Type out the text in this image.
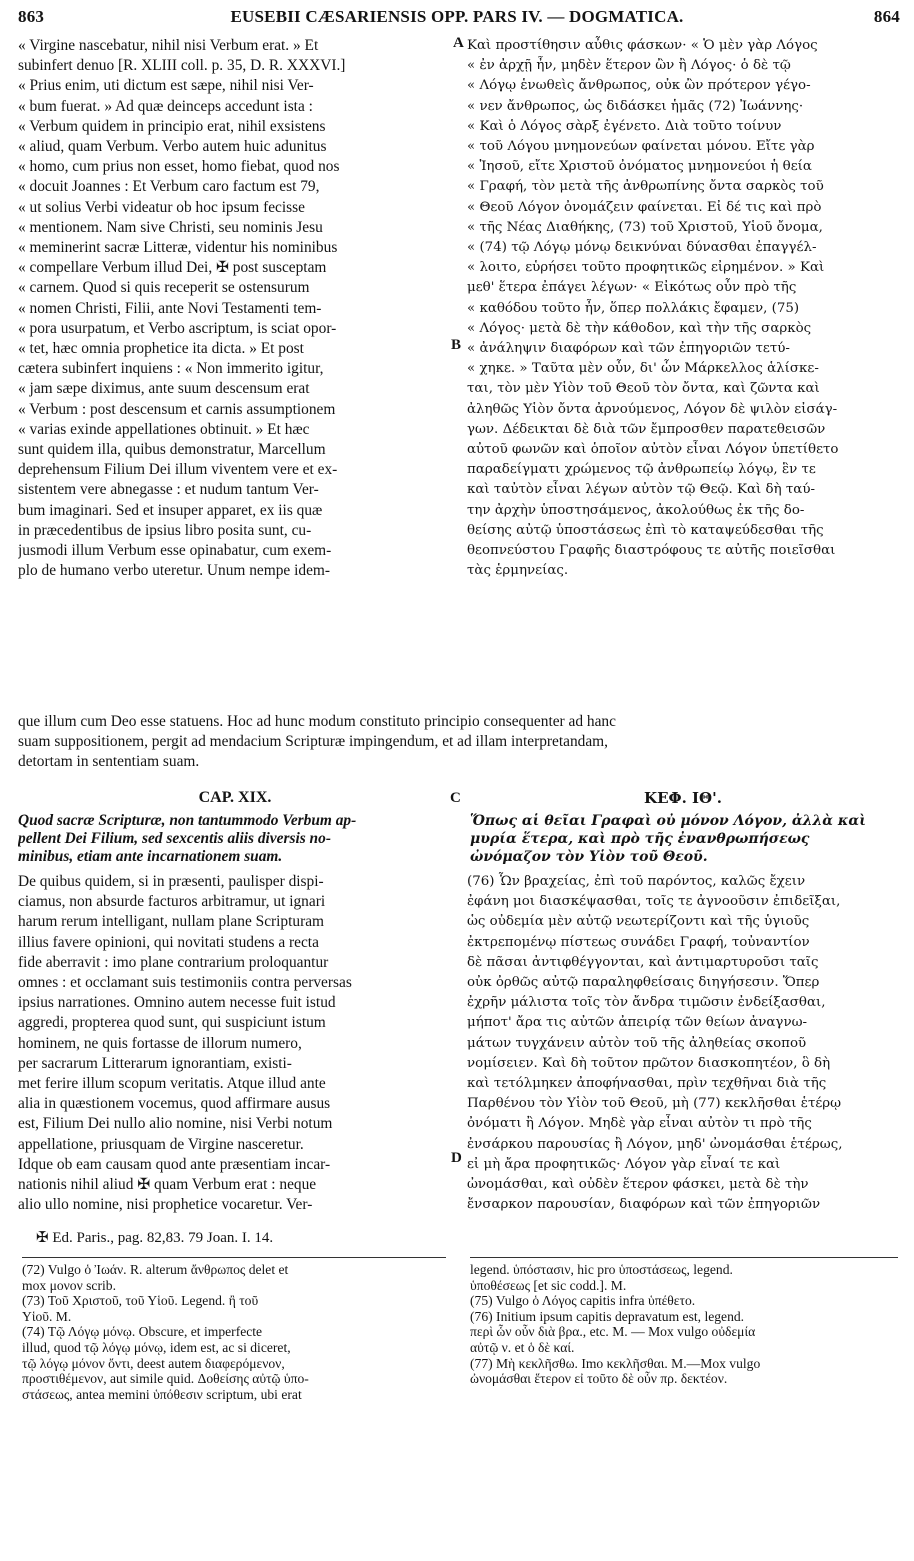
863	EUSEBII CÆSARIENSIS OPP. PARS IV. — DOGMATICA.	864
A
B
C
D
« Virgine nascebatur, nihil nisi Verbum erat. » Et
subinfert denuo [R. XLIII coll. p. 35, D. R. XXXVI.]
« Prius enim, uti dictum est sæpe, nihil nisi Ver-
« bum fuerat. » Ad quæ deinceps accedunt ista :
« Verbum quidem in principio erat, nihil exsistens
« aliud, quam Verbum. Verbo autem huic adunitus
« homo, cum prius non esset, homo fiebat, quod nos
« docuit Joannes : Et Verbum caro factum est 79,
« ut solius Verbi videatur ob hoc ipsum fecisse
« mentionem. Nam sive Christi, seu nominis Jesu
« meminerint sacræ Litteræ, videntur his nominibus
« compellare Verbum illud Dei, ✠ post susceptam
« carnem. Quod si quis receperit se ostensurum
« nomen Christi, Filii, ante Novi Testamenti tem-
« pora usurpatum, et Verbo ascriptum, is sciat opor-
« tet, hæc omnia prophetice ita dicta. » Et post
cætera subinfert inquiens : « Non immerito igitur,
« jam sæpe diximus, ante suum descensum erat
« Verbum : post descensum et carnis assumptionem
« varias exinde appellationes obtinuit. » Et hæc
sunt quidem illa, quibus demonstratur, Marcellum
deprehensum Filium Dei illum viventem vere et ex-
sistentem vere abnegasse : et nudum tantum Ver-
bum imaginari. Sed et insuper apparet, ex iis quæ
in præcedentibus de ipsius libro posita sunt, cu-
jusmodi illum Verbum esse opinabatur, cum exem-
plo de humano verbo uteretur. Unum nempe idem-
Καὶ προστίθησιν αὖθις φάσκων· « Ὁ μὲν γὰρ Λόγος
« ἐν ἀρχῇ ἦν, μηδὲν ἕτερον ὢν ἢ Λόγος· ὁ δὲ τῷ
« Λόγῳ ἑνωθεὶς ἄνθρωπος, οὐκ ὢν πρότερον γέγο-
« νεν ἄνθρωπος, ὡς διδάσκει ἡμᾶς (72) Ἰωάννης·
« Καὶ ὁ Λόγος σὰρξ ἐγένετο. Διὰ τοῦτο τοίνυν
« τοῦ Λόγου μνημονεύων φαίνεται μόνου. Εἴτε γὰρ
« Ἰησοῦ, εἴτε Χριστοῦ ὀνόματος μνημονεύοι ἡ θεία
« Γραφή, τὸν μετὰ τῆς ἀνθρωπίνης ὄντα σαρκὸς τοῦ
« Θεοῦ Λόγον ὀνομάζειν φαίνεται. Εἰ δέ τις καὶ πρὸ
« τῆς Νέας Διαθήκης, (73) τοῦ Χριστοῦ, Υἱοῦ ὄνομα,
« (74) τῷ Λόγῳ μόνῳ δεικνύναι δύνασθαι ἐπαγγέλ-
« λοιτο, εὑρήσει τοῦτο προφητικῶς εἰρημένον. » Καὶ
μεθ' ἕτερα ἐπάγει λέγων· « Εἰκότως οὖν πρὸ τῆς
« καθόδου τοῦτο ἦν, ὅπερ πολλάκις ἔφαμεν, (75)
« Λόγος· μετὰ δὲ τὴν κάθοδον, καὶ τὴν τῆς σαρκὸς
« ἀνάληψιν διαφόρων καὶ τῶν ἐπηγοριῶν τετύ-
« χηκε. » Ταῦτα μὲν οὖν, δι' ὧν Μάρκελλος ἁλίσκε-
ται, τὸν μὲν Υἱὸν τοῦ Θεοῦ τὸν ὄντα, καὶ ζῶντα καὶ
ἀληθῶς Υἱὸν ὄντα ἀρνούμενος, Λόγον δὲ ψιλὸν εἰσάγ-
γων. Δέδεικται δὲ διὰ τῶν ἔμπροσθεν παρατεθεισῶν
αὐτοῦ φωνῶν καὶ ὁποῖον αὐτὸν εἶναι Λόγον ὑπετίθετο
παραδείγματι χρώμενος τῷ ἀνθρωπείῳ λόγῳ, ἓν τε
καὶ ταὐτὸν εἶναι λέγων αὐτὸν τῷ Θεῷ. Καὶ δὴ ταύ-
την ἀρχὴν ὑποστησάμενος, ἀκολούθως ἐκ τῆς δο-
θείσης αὐτῷ ὑποστάσεως ἐπὶ τὸ καταψεύδεσθαι τῆς
θεοπνεύστου Γραφῆς διαστρόφους τε αὐτῆς ποιεῖσθαι
τὰς ἑρμηνείας.
que illum cum Deo esse statuens. Hoc ad hunc modum constituto principio consequenter ad hanc
suam suppositionem, pergit ad mendacium Scripturæ impingendum, et ad illam interpretandam,
detortam in sententiam suam.
CAP. XIX.
Quod sacræ Scripturæ, non tantummodo Verbum ap-
pellent Dei Filium, sed sexcentis aliis diversis no-
minibus, etiam ante incarnationem suam.
De quibus quidem, si in præsenti, paulisper dispi-
ciamus, non absurde facturos arbitramur, ut ignari
harum rerum intelligant, nullam plane Scripturam
illius favere opinioni, qui novitati studens a recta
fide aberravit : imo plane contrarium proloquantur
omnes : et occlamant suis testimoniis contra perversas
ipsius narrationes. Omnino autem necesse fuit istud
aggredi, propterea quod sunt, qui suspiciunt istum
hominem, ne quis fortasse de illorum numero,
per sacrarum Litterarum ignorantiam, existi-
met ferire illum scopum veritatis. Atque illud ante
alia in quæstionem vocemus, quod affirmare ausus
est, Filium Dei nullo alio nomine, nisi Verbi notum
appellatione, priusquam de Virgine nasceretur.
Idque ob eam causam quod ante præsentiam incar-
nationis nihil aliud ✠ quam Verbum erat : neque
alio ullo nomine, nisi prophetice vocaretur. Ver-
✠ Ed. Paris., pag. 82,83. 79 Joan. I. 14.
ΚΕΦ. ΙΘ'.
Ὅπως αἱ θεῖαι Γραφαὶ οὐ μόνον Λόγον, ἀλλὰ καὶ
μυρία ἕτερα, καὶ πρὸ τῆς ἐνανθρωπήσεως
ὠνόμαζον τὸν Υἱὸν τοῦ Θεοῦ.
(76) Ὧν βραχείας, ἐπὶ τοῦ παρόντος, καλῶς ἔχειν
ἐφάνη μοι διασκέψασθαι, τοῖς τε ἀγνοοῦσιν ἐπιδεῖξαι,
ὡς οὐδεμία μὲν αὐτῷ νεωτερίζοντι καὶ τῆς ὑγιοῦς
ἐκτρεπομένῳ πίστεως συνάδει Γραφή, τοὐναντίον
δὲ πᾶσαι ἀντιφθέγγονται, καὶ ἀντιμαρτυροῦσι ταῖς
οὐκ ὀρθῶς αὐτῷ παραληφθείσαις διηγήσεσιν. Ὅπερ
ἐχρῆν μάλιστα τοῖς τὸν ἄνδρα τιμῶσιν ἐνδείξασθαι,
μήποτ' ἄρα τις αὐτῶν ἀπειρίᾳ τῶν θείων ἀναγνω-
μάτων τυγχάνειν αὐτὸν τοῦ τῆς ἀληθείας σκοποῦ
νομίσειεν. Καὶ δὴ τοῦτον πρῶτον διασκοπητέον, ὃ δὴ
καὶ τετόλμηκεν ἀποφήνασθαι, πρὶν τεχθῆναι διὰ τῆς
Παρθένου τὸν Υἱὸν τοῦ Θεοῦ, μὴ (77) κεκλῆσθαι ἑτέρῳ
ὀνόματι ἢ Λόγον. Μηδὲ γὰρ εἶναι αὐτὸν τι πρὸ τῆς
ἐνσάρκου παρουσίας ἢ Λόγον, μηδ' ὠνομάσθαι ἑτέρως,
εἰ μὴ ἄρα προφητικῶς· Λόγον γὰρ εἶναί τε καὶ
ὠνομάσθαι, καὶ οὐδὲν ἕτερον φάσκει, μετὰ δὲ τὴν
ἔνσαρκον παρουσίαν, διαφόρων καὶ τῶν ἐπηγοριῶν
(72) Vulgo ὁ Ἰωάν. R. alterum ἄνθρωπος delet et
mox μονον scrib.
(73) Τοῦ Χριστοῦ, τοῦ Υἱοῦ. Legend. ἢ τοῦ
Υἱοῦ. M.
(74) Τῷ Λόγῳ μόνῳ. Obscure, et imperfecte
illud, quod τῷ λόγῳ μόνῳ, idem est, ac si diceret,
τῷ λόγῳ μόνον ὄντι, deest autem διαφερόμενον,
προστιθέμενον, aut simile quid. Δοθείσης αὐτῷ ὑπο-
στάσεως, antea memini ὑπόθεσιν scriptum, ubi erat
legend. ὑπόστασιν, hic pro ὑποστάσεως, legend.
ὑποθέσεως [et sic codd.]. M.
(75) Vulgo ὁ Λόγος capitis infra ὑπέθετο.
(76) Initium ipsum capitis depravatum est, legend.
περὶ ὧν οὖν διὰ βρα., etc. M. — Mox vulgo οὐδεμία
αὐτῷ ν. et ὁ δὲ καί.
(77) Μὴ κεκλῆσθω. Imo κεκλῆσθαι. M.—Mox vulgo
ὠνομάσθαι ἕτερον εἰ τοῦτο δὲ οὖν πρ. δεκτέον.
